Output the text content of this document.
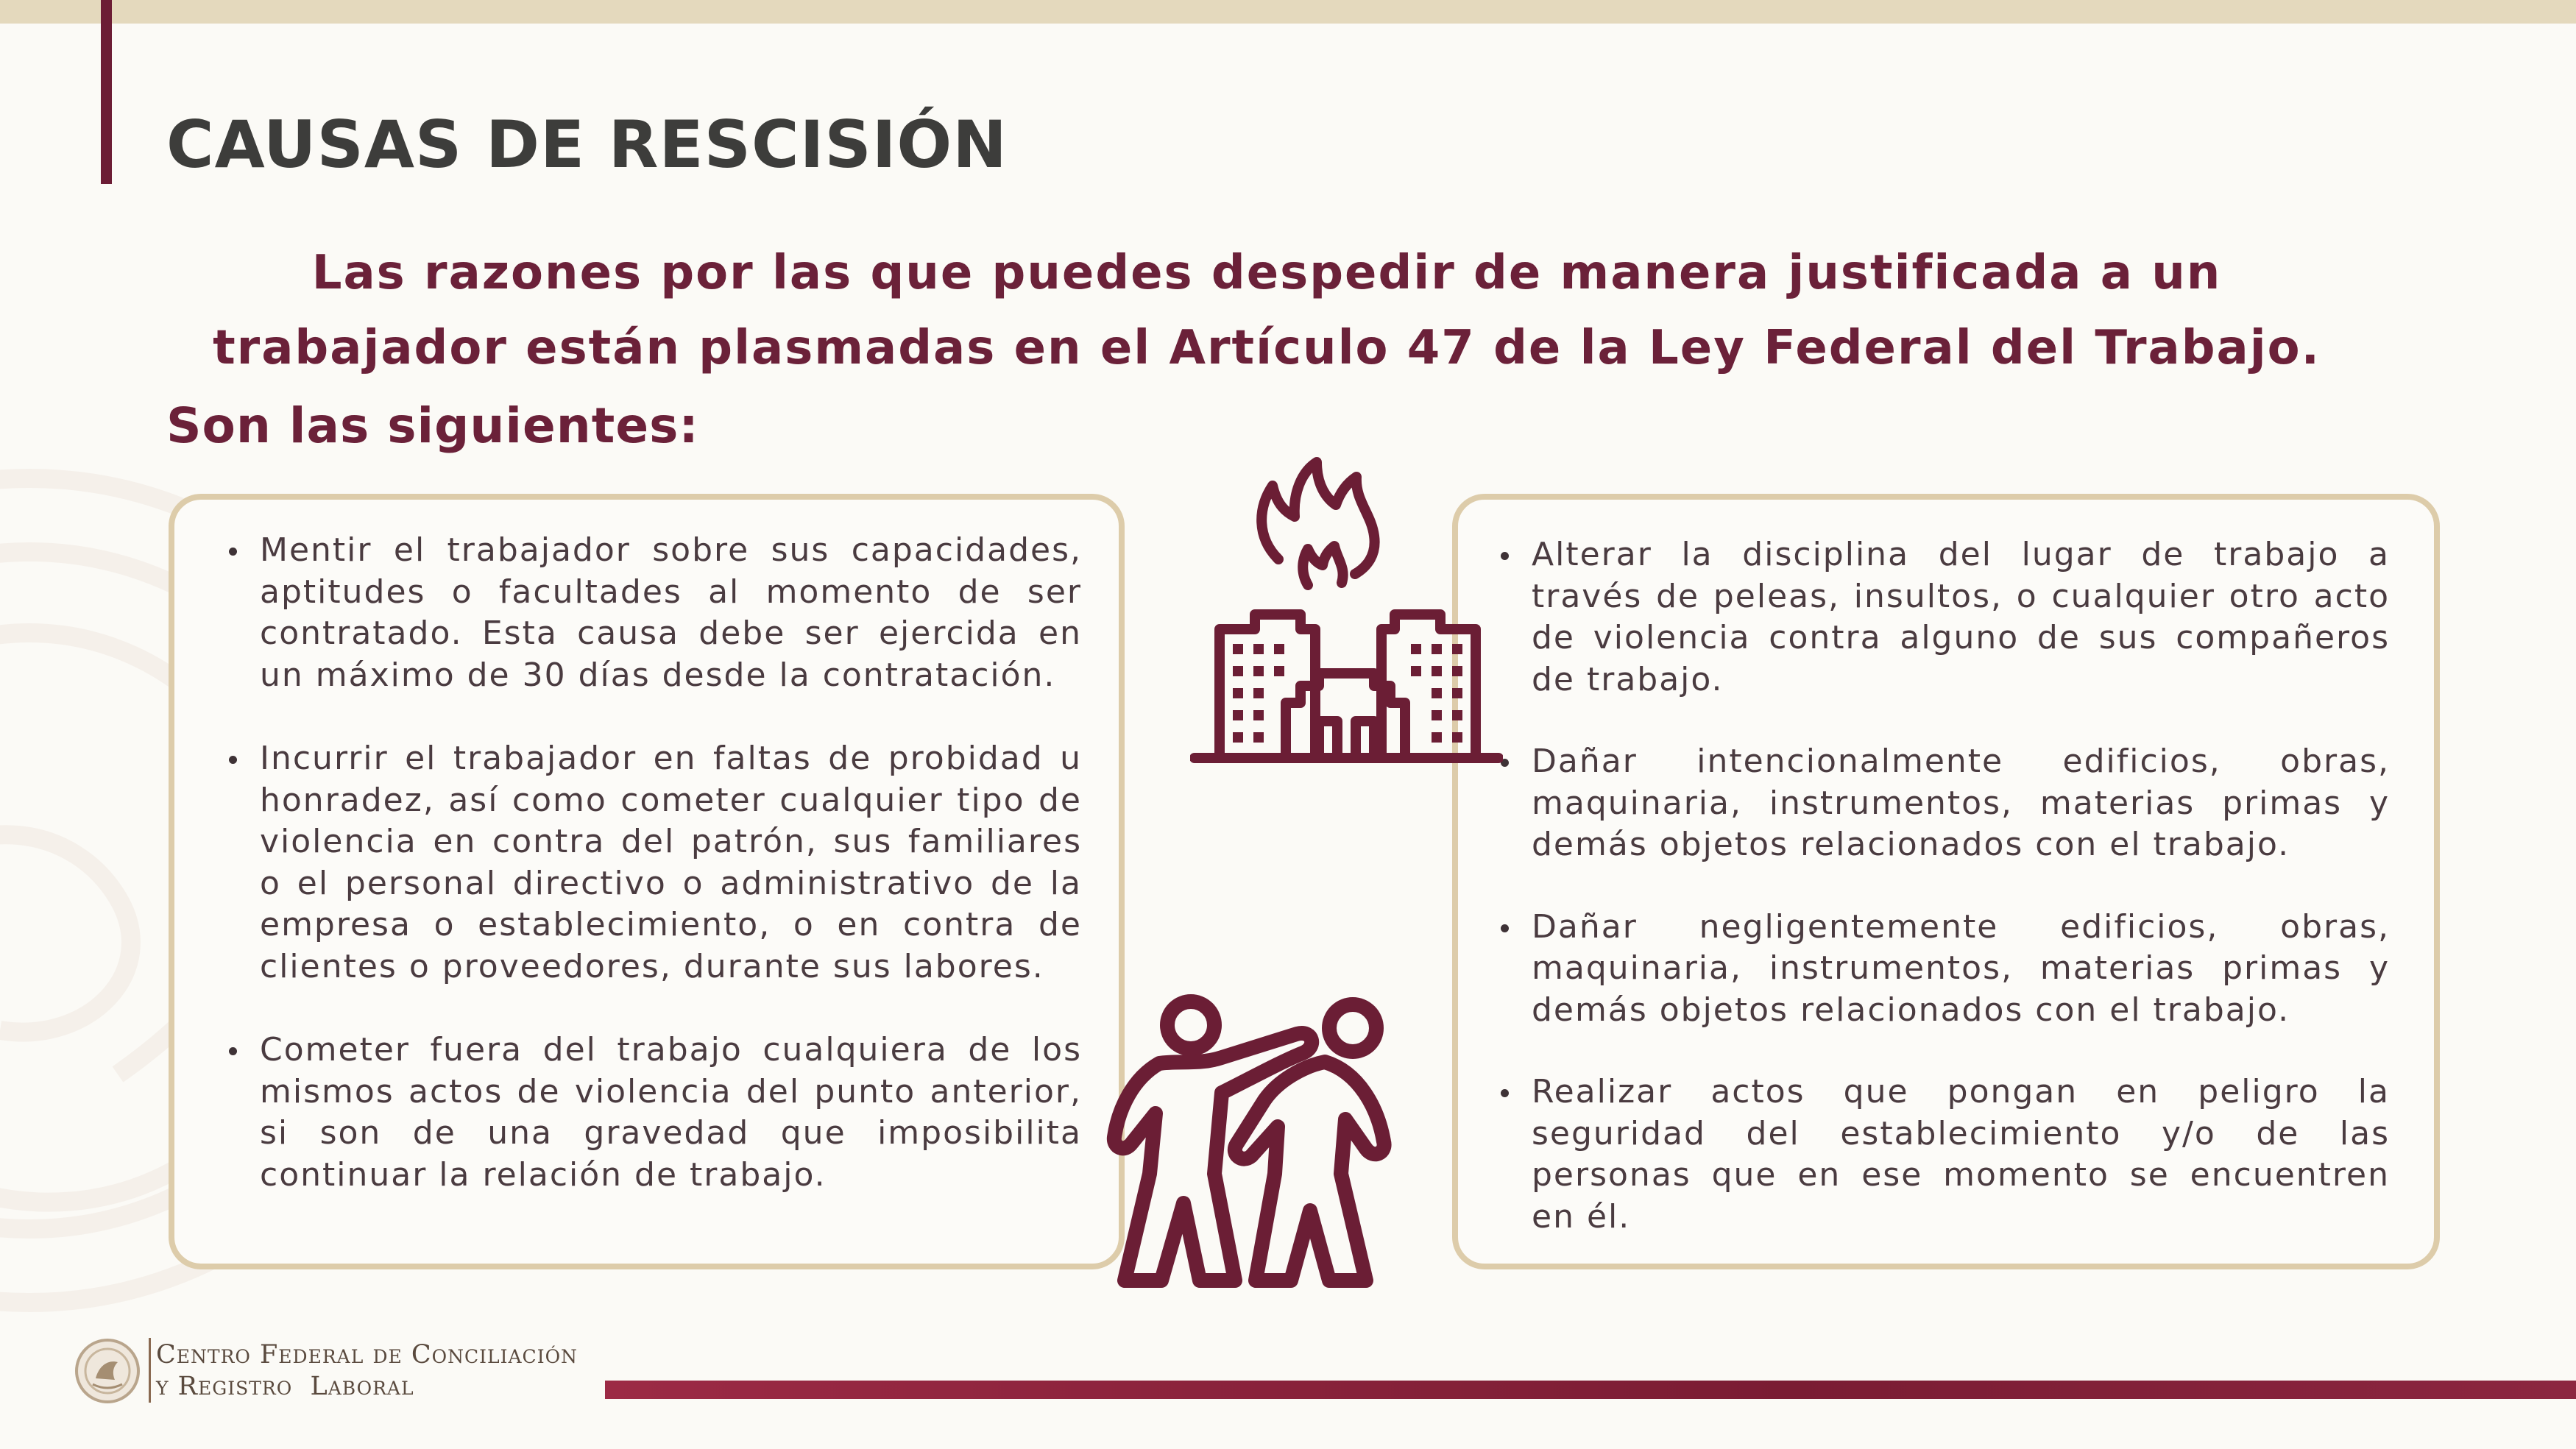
CAUSAS DE RESCISIÓN
Las razones por las que puedes despedir de manera justificada a un trabajador están plasmadas en el Artículo 47 de la Ley Federal del Trabajo.
Son las siguientes:
Mentir el trabajador sobre sus capacidades, aptitudes o facultades al momento de ser contratado. Esta causa debe ser ejercida en un máximo de 30 días desde la contratación.
Incurrir el trabajador en faltas de probidad u honradez, así como cometer cualquier tipo de violencia en contra del patrón, sus familiares o el personal directivo o administrativo de la empresa o establecimiento, o en contra de clientes o proveedores, durante sus labores.
Cometer fuera del trabajo cualquiera de los mismos actos de violencia del punto anterior, si son de una gravedad que imposibilita continuar la relación de trabajo.
Alterar la disciplina del lugar de trabajo a través de peleas, insultos, o cualquier otro acto de violencia contra alguno de sus compañeros de trabajo.
Dañar intencionalmente edificios, obras, maquinaria, instrumentos, materias primas y demás objetos relacionados con el trabajo.
Dañar negligentemente edificios, obras, maquinaria, instrumentos, materias primas y demás objetos relacionados con el trabajo.
Realizar actos que pongan en peligro la seguridad del establecimiento y/o de las personas que en ese momento se encuentren en él.
Centro Federal de Conciliación
y Registro  Laboral
